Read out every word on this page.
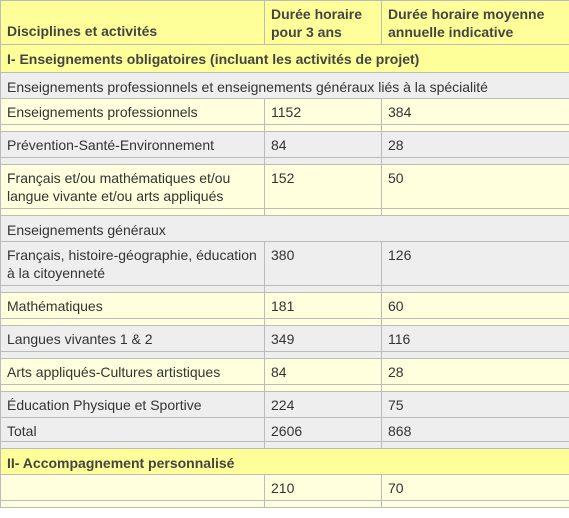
Disciplines et activités	Durée horaire pour 3 ans	Durée horaire moyenne annuelle indicative
I- Enseignements obligatoires (incluant les activités de projet)		
Enseignements professionnels et enseignements généraux liés à la spécialité		
Enseignements professionnels	1152	384

Prévention-Santé-Environnement	84	28

Français et/ou mathématiques et/ou langue vivante et/ou arts appliqués	152	50

Enseignements généraux		
Français, histoire-géographie, éducation à la citoyenneté	380	126

Mathématiques	181	60

Langues vivantes 1 & 2	349	116

Arts appliqués-Cultures artistiques	84	28

Éducation Physique et Sportive	224	75
Total	2606	868

II- Accompagnement personnalisé		
	210	70
